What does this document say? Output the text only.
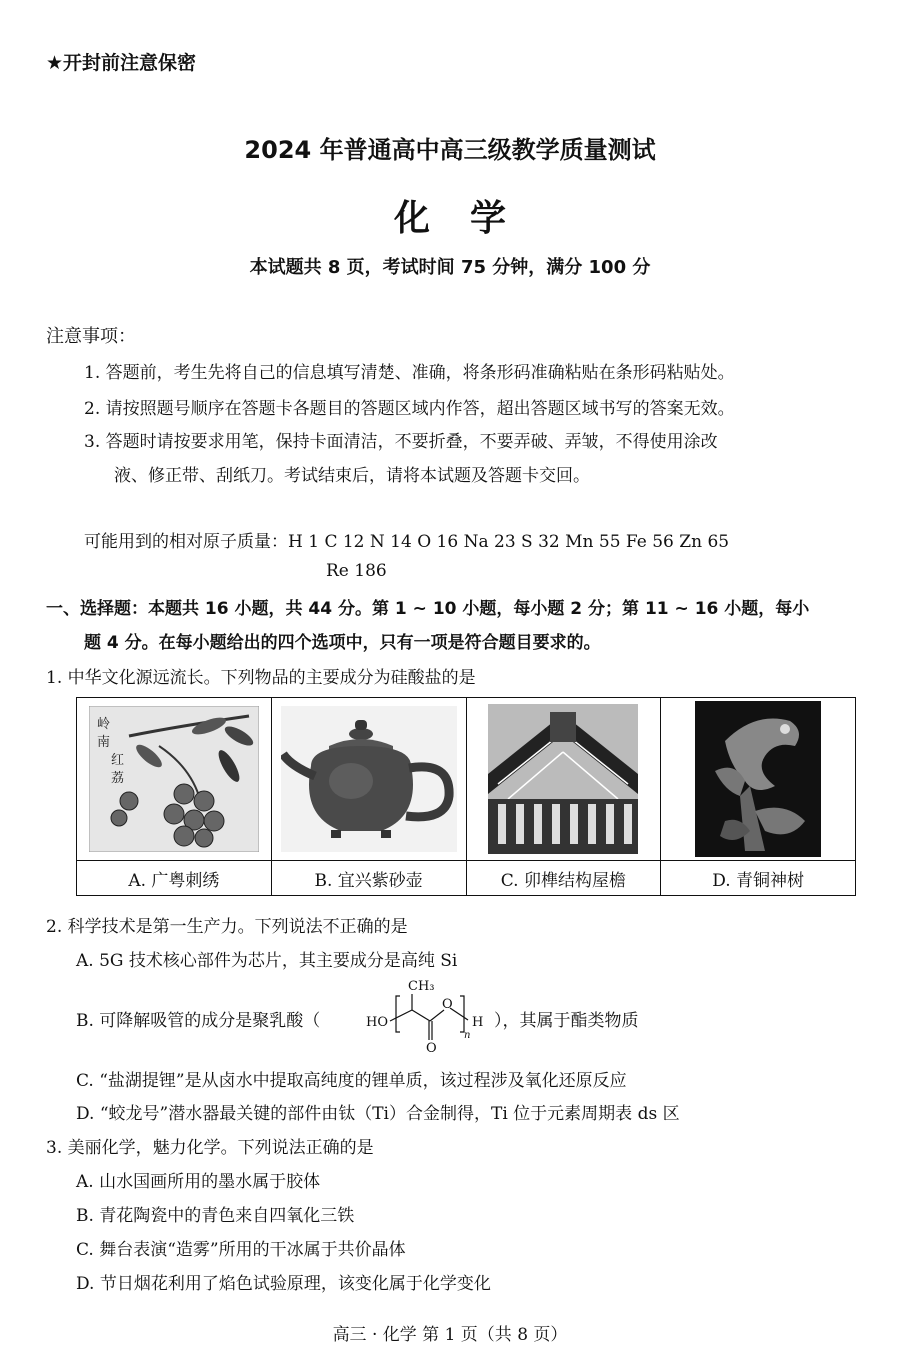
★开封前注意保密
2024 年普通高中高三级教学质量测试
化学
本试题共 8 页，考试时间 75 分钟，满分 100 分
注意事项：
1. 答题前，考生先将自己的信息填写清楚、准确，将条形码准确粘贴在条形码粘贴处。
2. 请按照题号顺序在答题卡各题目的答题区域内作答，超出答题区域书写的答案无效。
3. 答题时请按要求用笔，保持卡面清洁，不要折叠，不要弄破、弄皱，不得使用涂改
液、修正带、刮纸刀。考试结束后，请将本试题及答题卡交回。
可能用到的相对原子质量：H 1 C 12 N 14 O 16 Na 23 S 32 Mn 55 Fe 56 Zn 65
Re 186
一、选择题：本题共 16 小题，共 44 分。第 1 ~ 10 小题，每小题 2 分；第 11 ~ 16 小题，每小
题 4 分。在每小题给出的四个选项中，只有一项是符合题目要求的。
1. 中华文化源远流长。下列物品的主要成分为硅酸盐的是
岭
南
红
荔

A. 广粤刺绣	B. 宜兴紫砂壶	C. 卯榫结构屋檐	D. 青铜神树
2. 科学技术是第一生产力。下列说法不正确的是
A. 5G 技术核心部件为芯片，其主要成分是高纯 Si
B. 可降解吸管的成分是聚乳酸（
CH₃
HO
O
O
H
n
），其属于酯类物质
C. “盐湖提锂”是从卤水中提取高纯度的锂单质，该过程涉及氧化还原反应
D. “蛟龙号”潜水器最关键的部件由钛（Ti）合金制得，Ti 位于元素周期表 ds 区
3. 美丽化学，魅力化学。下列说法正确的是
A. 山水国画所用的墨水属于胶体
B. 青花陶瓷中的青色来自四氧化三铁
C. 舞台表演“造雾”所用的干冰属于共价晶体
D. 节日烟花利用了焰色试验原理，该变化属于化学变化
高三 · 化学 第 1 页（共 8 页）
